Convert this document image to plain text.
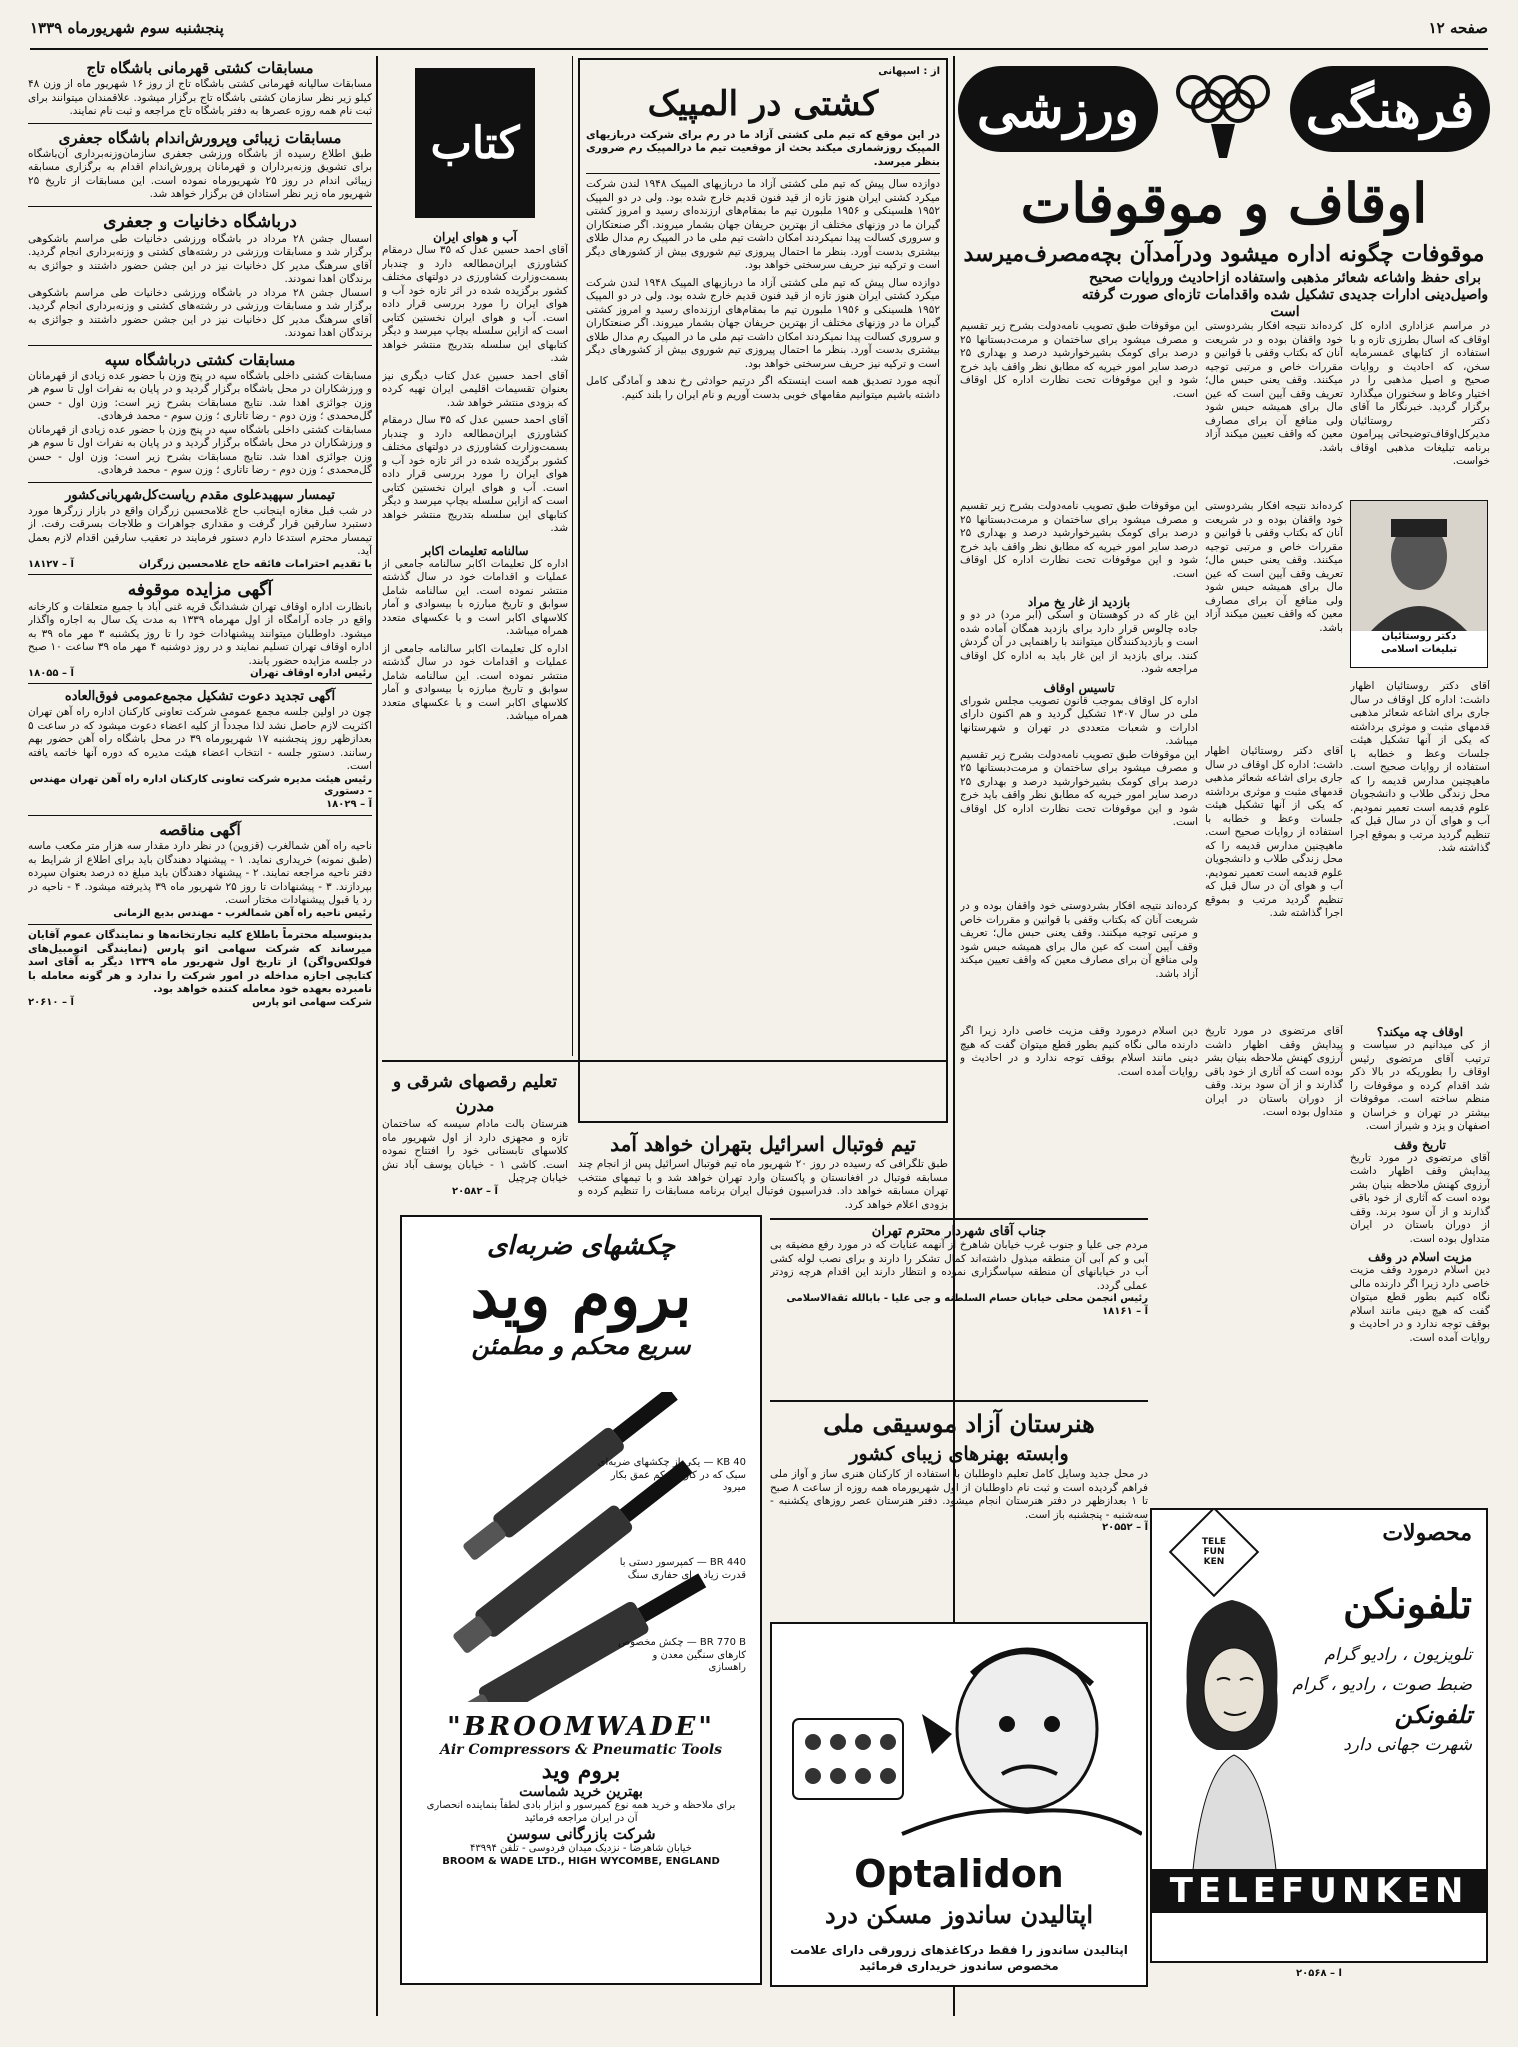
صفحه ۱۲
پنجشنبه سوم شهریورماه ۱۳۳۹
فرهنگی
ورزشی
اوقاف و موقوفات
موقوفات چگونه اداره میشود ودرآمدآن بچه‌مصرف‌میرسد
برای حفظ واشاعه شعائر مذهبی واستفاده ازاحادیث وروایات صحیح واصیل‌دینی ادارات جدیدی تشکیل شده واقدامات تازه‌ای صورت گرفته است
در مراسم عزاداری اداره کل اوقاف که اسال بطرزی تازه و با استفاده از کتابهای غمسرمایه سخن، که احادیث و روایات صحیح و اصیل مذهبی را در اختیار وعاظ و سخنوران میگذارد برگزار گردید. خبرنگار ما آقای دکتر روستائیان مدیرکل‌اوقاف‌توضیحاتی پیرامون برنامه تبلیغات مذهبی اوقاف خواست.
کرده‌اند نتیجه افکار بشردوستی خود واقفان بوده و در شریعت آنان که بکتاب وقفی با قوانین و مقررات خاص و مرتبی توجیه میکنند. وقف یعنی حبس مال؛ تعریف وقف آیین است که عین مال برای همیشه حبس شود ولی منافع آن برای مصارف معین که واقف تعیین میکند آزاد باشد.
این موقوفات طبق تصویب نامه‌دولت بشرح زیر تقسیم و مصرف میشود برای ساختمان و مرمت‌دبستانها ۲۵ درصد برای کومک بشیرخوارشید درصد و بهداری ۲۵ درصد سایر امور خیریه که مطابق نظر واقف باید خرج شود و این موقوفات تحت نظارت اداره کل اوقاف است.
دکتر روستائیان
تبلیغات اسلامی
کرده‌اند نتیجه افکار بشردوستی خود واقفان بوده و در شریعت آنان که بکتاب وقفی با قوانین و مقررات خاص و مرتبی توجیه میکنند. وقف یعنی حبس مال؛ تعریف وقف آیین است که عین مال برای همیشه حبس شود ولی منافع آن برای مصارف معین که واقف تعیین میکند آزاد باشد.
این موقوفات طبق تصویب نامه‌دولت بشرح زیر تقسیم و مصرف میشود برای ساختمان و مرمت‌دبستانها ۲۵ درصد برای کومک بشیرخوارشید درصد و بهداری ۲۵ درصد سایر امور خیریه که مطابق نظر واقف باید خرج شود و این موقوفات تحت نظارت اداره کل اوقاف است.
بازدید از غار یخ مراد
این غار که در کوهستان و اسکی (ابر مرد) در دو و جاده چالوس قرار دارد برای بازدید همگان آماده شده است و بازدیدکنندگان میتوانند با راهنمایی در آن گردش کنند. برای بازدید از این غار باید به اداره کل اوقاف مراجعه شود.
تاسیس اوقاف
اداره کل اوقاف بموجب قانون تصویب مجلس شورای ملی در سال ۱۳۰۷ تشکیل گردید و هم اکنون دارای ادارات و شعبات متعددی در تهران و شهرستانها میباشد.
این موقوفات طبق تصویب نامه‌دولت بشرح زیر تقسیم و مصرف میشود برای ساختمان و مرمت‌دبستانها ۲۵ درصد برای کومک بشیرخوارشید درصد و بهداری ۲۵ درصد سایر امور خیریه که مطابق نظر واقف باید خرج شود و این موقوفات تحت نظارت اداره کل اوقاف است.
آقای دکتر روستائیان اظهار داشت: اداره کل اوقاف در سال جاری برای اشاعه شعائر مذهبی قدمهای مثبت و موثری برداشته که یکی از آنها تشکیل هیئت جلسات وعظ و خطابه با استفاده از روایات صحیح است. ماهیچنین مدارس قدیمه را که محل زندگی طلاب و دانشجویان علوم قدیمه است تعمیر نمودیم. آب و هوای آن در سال قبل که تنظیم گردید مرتب و بموقع اجرا گذاشته شد.
آقای دکتر روستائیان اظهار داشت: اداره کل اوقاف در سال جاری برای اشاعه شعائر مذهبی قدمهای مثبت و موثری برداشته که یکی از آنها تشکیل هیئت جلسات وعظ و خطابه با استفاده از روایات صحیح است. ماهیچنین مدارس قدیمه را که محل زندگی طلاب و دانشجویان علوم قدیمه است تعمیر نمودیم. آب و هوای آن در سال قبل که تنظیم گردید مرتب و بموقع اجرا گذاشته شد.
کرده‌اند نتیجه افکار بشردوستی خود واقفان بوده و در شریعت آنان که بکتاب وقفی با قوانین و مقررات خاص و مرتبی توجیه میکنند. وقف یعنی حبس مال؛ تعریف وقف آیین است که عین مال برای همیشه حبس شود ولی منافع آن برای مصارف معین که واقف تعیین میکند آزاد باشد.
اوقاف چه میکند؟
از کی میدانیم در سیاست و ترتیب آقای مرتضوی رئیس اوقاف را بطوریکه در بالا ذکر شد اقدام کرده و موقوفات را منظم ساخته است. موقوفات بیشتر در تهران و خراسان و اصفهان و یزد و شیراز است.
تاریخ وقف
آقای مرتضوی در مورد تاریخ پیدایش وقف اظهار داشت آرزوی کهنش ملاحظه بنیان بشر بوده است که آثاری از خود باقی گذارند و از آن سود برند. وقف از دوران باستان در ایران متداول بوده است.
مزیت اسلام در وقف
دین اسلام درمورد وقف مزیت خاصی دارد زیرا اگر دارنده مالی نگاه کنیم بطور قطع میتوان گفت که هیچ دینی مانند اسلام بوقف توجه ندارد و در احادیث و روایات آمده است.
آقای مرتضوی در مورد تاریخ پیدایش وقف اظهار داشت آرزوی کهنش ملاحظه بنیان بشر بوده است که آثاری از خود باقی گذارند و از آن سود برند. وقف از دوران باستان در ایران متداول بوده است.
دین اسلام درمورد وقف مزیت خاصی دارد زیرا اگر دارنده مالی نگاه کنیم بطور قطع میتوان گفت که هیچ دینی مانند اسلام بوقف توجه ندارد و در احادیث و روایات آمده است.
محصولات
TELE FUN KEN
تلفونکن
تلویزیون ، رادیو گرام
ضبط صوت ، رادیو ، گرام
تلفونکن
شهرت جهانی دارد
TELEFUNKEN
آ – ۲۰۵۶۸
از : اسپهانی
کشتی در المپیک
در این موقع که تیم ملی کشتی آزاد ما در رم برای شرکت دربازیهای المپیک روزشماری میکند بحث از موقعیت تیم ما درالمپیک رم ضروری بنظر میرسد.
دوازده سال پیش که تیم ملی کشتی آزاد ما دربازیهای المپیک ۱۹۴۸ لندن شرکت میکرد کشتی ایران هنوز تازه از قید فنون قدیم خارج شده بود. ولی در دو المپیک ۱۹۵۲ هلسینکی و ۱۹۵۶ ملبورن تیم ما بمقام‌های ارزنده‌ای رسید و امروز کشتی گیران ما در وزنهای مختلف از بهترین حریفان جهان بشمار میروند. اگر صنعتکاران و سروری کسالت پیدا نمیکردند امکان داشت تیم ملی ما در المپیک رم مدال طلای بیشتری بدست آورد. بنظر ما احتمال پیروزی تیم شوروی بیش از کشورهای دیگر است و ترکیه نیز حریف سرسختی خواهد بود.
دوازده سال پیش که تیم ملی کشتی آزاد ما دربازیهای المپیک ۱۹۴۸ لندن شرکت میکرد کشتی ایران هنوز تازه از قید فنون قدیم خارج شده بود. ولی در دو المپیک ۱۹۵۲ هلسینکی و ۱۹۵۶ ملبورن تیم ما بمقام‌های ارزنده‌ای رسید و امروز کشتی گیران ما در وزنهای مختلف از بهترین حریفان جهان بشمار میروند. اگر صنعتکاران و سروری کسالت پیدا نمیکردند امکان داشت تیم ملی ما در المپیک رم مدال طلای بیشتری بدست آورد. بنظر ما احتمال پیروزی تیم شوروی بیش از کشورهای دیگر است و ترکیه نیز حریف سرسختی خواهد بود.
آنچه مورد تصدیق همه است اینستکه اگر درتیم حوادثی رخ ندهد و آمادگی کامل داشته باشیم میتوانیم مقامهای خوبی بدست آوریم و نام ایران را بلند کنیم.
کتاب
آب و هوای ایران
آقای احمد حسین عدل که ۳۵ سال درمقام کشاورزی ایران‌مطالعه دارد و چندبار بسمت‌وزارت کشاورزی در دولتهای مختلف کشور برگزیده شده در اثر تازه خود آب و هوای ایران را مورد بررسی قرار داده است. آب و هوای ایران نخستین کتابی است که ازاین سلسله بچاپ میرسد و دیگر کتابهای این سلسله بتدریج منتشر خواهد شد.
آقای احمد حسین عدل کتاب دیگری نیز بعنوان تقسیمات اقلیمی ایران تهیه کرده که بزودی منتشر خواهد شد.
آقای احمد حسین عدل که ۳۵ سال درمقام کشاورزی ایران‌مطالعه دارد و چندبار بسمت‌وزارت کشاورزی در دولتهای مختلف کشور برگزیده شده در اثر تازه خود آب و هوای ایران را مورد بررسی قرار داده است. آب و هوای ایران نخستین کتابی است که ازاین سلسله بچاپ میرسد و دیگر کتابهای این سلسله بتدریج منتشر خواهد شد.
سالنامه تعلیمات اکابر
اداره کل تعلیمات اکابر سالنامه جامعی از عملیات و اقدامات خود در سال گذشته منتشر نموده است. این سالنامه شامل سوابق و تاریخ مبارزه با بیسوادی و آمار کلاسهای اکابر است و با عکسهای متعدد همراه میباشد.
اداره کل تعلیمات اکابر سالنامه جامعی از عملیات و اقدامات خود در سال گذشته منتشر نموده است. این سالنامه شامل سوابق و تاریخ مبارزه با بیسوادی و آمار کلاسهای اکابر است و با عکسهای متعدد همراه میباشد.
تیم فوتبال اسرائیل بتهران خواهد آمد
طبق تلگرافی که رسیده در روز ۲۰ شهریور ماه تیم فوتبال اسرائیل پس از انجام چند مسابقه فوتبال در افغانستان و پاکستان وارد تهران خواهد شد و با تیمهای منتخب تهران مسابقه خواهد داد. فدراسیون فوتبال ایران برنامه مسابقات را تنظیم کرده و بزودی اعلام خواهد کرد.
تعلیم رقصهای شرقی و مدرن
هنرستان بالت مادام سیسه که ساختمان تازه و مجهزی دارد از اول شهریور ماه کلاسهای تابستانی خود را افتتاح نموده است. کاشی ۱ - خیابان یوسف آباد نش خیابان چرچیل
آ – ۲۰۵۸۲
چکشهای ضربه‌ای
بروم وید
سریع محکم و مطمئن
KB 40 — یکی از چکشهای ضربه‌ای سبک که در کارهای کم عمق بکار میرود
BR 440 — کمپرسور دستی با قدرت زیاد برای حفاری سنگ
BR 770 B — چکش مخصوص کارهای سنگین معدن و راهسازی
"BROOMWADE"
Air Compressors & Pneumatic Tools
بروم وید
بهترین خرید شماست
برای ملاحظه و خرید همه نوع کمپرسور و ابزار بادی لطفاً بنماینده انحصاری آن در ایران مراجعه فرمائید
شرکت بازرگانی سوسن
خیابان شاهرضا - نزدیک میدان فردوسی - تلفن ۴۳۹۹۴
BROOM & WADE LTD., HIGH WYCOMBE, ENGLAND
جناب آقای شهردار محترم تهران
مردم جی علیا و جنوب غرب خیابان شاهرخ از آنهمه عنایات که در مورد رفع مضیقه بی آبی و کم آبی آن منطقه مبذول داشته‌اند کمال تشکر را دارند و برای نصب لوله کشی آب در خیابانهای آن منطقه سپاسگزاری نموده و انتظار دارند این اقدام هرچه زودتر عملی گردد.
رئیس انجمن محلی خیابان حسام السلطنه و جی علیا - بابالله ثقة‌الاسلامی
آ – ۱۸۱۶۱
هنرستان آزاد موسیقی ملی
وابسته بهنرهای زیبای کشور
در محل جدید وسایل کامل تعلیم داوطلبان با استفاده از کارکنان هنری ساز و آواز ملی فراهم گردیده است و ثبت نام داوطلبان از اول شهریورماه همه روزه از ساعت ۸ صبح تا ۱ بعدازظهر در دفتر هنرستان انجام میشود. دفتر هنرستان عصر روزهای یکشنبه - سه‌شنبه - پنجشنبه باز است.
آ – ۲۰۵۵۲
Optalidon
اپتالیدن ساندوز
مسکن درد
اپتالیدن ساندوز را فقط درکاغذهای زرورقی دارای علامت مخصوص ساندوز خریداری فرمائید
مسابقات کشتی قهرمانی باشگاه تاج
مسابقات سالیانه قهرمانی کشتی باشگاه تاج از روز ۱۶ شهریور ماه از وزن ۴۸ کیلو زیر نظر سازمان کشتی باشگاه تاج برگزار میشود. علاقمندان میتوانند برای ثبت نام همه روزه عصرها به دفتر باشگاه تاج مراجعه و ثبت نام نمایند.
مسابقات زیبائی وپرورش‌اندام باشگاه جعفری
طبق اطلاع رسیده از باشگاه ورزشی جعفری سازمان‌وزنه‌برداری آن‌باشگاه برای تشویق وزنه‌برداران و قهرمانان پرورش‌اندام اقدام به برگزاری مسابقه زیبائی اندام در روز ۲۵ شهریورماه نموده است. این مسابقات از تاریخ ۲۵ شهریور ماه زیر نظر استادان فن برگزار خواهد شد.
درباشگاه دخانیات و جعفری
اسسال جشن ۲۸ مرداد در باشگاه ورزشی دخانیات طی‌ مراسم باشکوهی برگزار شد و مسابقات ورزشی در رشته‌های کشتی و وزنه‌برداری انجام گردید. آقای سرهنگ مدیر کل دخانیات نیز در این جشن حضور داشتند و جوائزی به برندگان اهدا نمودند.
اسسال جشن ۲۸ مرداد در باشگاه ورزشی دخانیات طی‌ مراسم باشکوهی برگزار شد و مسابقات ورزشی در رشته‌های کشتی و وزنه‌برداری انجام گردید. آقای سرهنگ مدیر کل دخانیات نیز در این جشن حضور داشتند و جوائزی به برندگان اهدا نمودند.
مسابقات کشتی درباشگاه سپه
مسابقات کشتی داخلی باشگاه سپه در پنج وزن با حضور عده زیادی از قهرمانان و ورزشکاران در محل باشگاه برگزار گردید و در پایان به نفرات اول تا سوم هر وزن جوائزی اهدا شد. نتایج مسابقات بشرح زیر است: وزن اول - حسن گل‌محمدی ؛ وزن دوم - رضا تاتاری ؛ وزن سوم - محمد فرهادی.
مسابقات کشتی داخلی باشگاه سپه در پنج وزن با حضور عده زیادی از قهرمانان و ورزشکاران در محل باشگاه برگزار گردید و در پایان به نفرات اول تا سوم هر وزن جوائزی اهدا شد. نتایج مسابقات بشرح زیر است: وزن اول - حسن گل‌محمدی ؛ وزن دوم - رضا تاتاری ؛ وزن سوم - محمد فرهادی.
تیمسار سپهبدعلوی مقدم ریاست‌کل‌شهربانی‌کشور
در شب قبل مغازه اینجانب حاج غلامحسین زرگران واقع در بازار زرگرها مورد دستبرد سارقین قرار گرفت و مقداری جواهرات و طلاجات بسرقت رفت. از تیمسار محترم استدعا دارم دستور فرمایند در تعقیب سارقین اقدام لازم بعمل آید.
با تقدیم احترامات فائقه حاج غلامحسین زرگران
آ – ۱۸۱۲۷
آگهی مزایده موقوفه
بانظارت اداره اوقاف تهران ششدانگ قریه غنی آباد با جمیع متعلقات و کارخانه واقع در جاده آرامگاه از اول مهرماه ۱۳۳۹ به مدت یک سال به اجاره واگذار میشود. داوطلبان میتوانند پیشنهادات خود را تا روز یکشنبه ۳ مهر ماه ۳۹ به اداره اوقاف تهران تسلیم نمایند و در روز دوشنبه ۴ مهر ماه ۳۹ ساعت ۱۰ صبح در جلسه مزایده حضور یابند.
رئیس اداره اوقاف تهران
آ – ۱۸۰۵۵
آگهی تجدید دعوت تشکیل مجمع‌عمومی فوق‌العاده
چون در اولین جلسه مجمع عمومی شرکت تعاونی کارکنان اداره راه آهن تهران اکثریت لازم حاصل نشد لذا مجدداً از کلیه اعضاء دعوت میشود که در ساعت ۵ بعدازظهر روز پنجشنبه ۱۷ شهریورماه ۳۹ در محل باشگاه راه آهن حضور بهم رسانند. دستور جلسه - انتخاب اعضاء هیئت مدیره که دوره آنها خاتمه یافته است.
رئیس هیئت مدیره شرکت تعاونی کارکنان اداره راه آهن تهران مهندس - دستوری
آ – ۱۸۰۲۹
آگهی مناقصه
ناحیه راه آهن شمالغرب (قزوین) در نظر دارد مقدار سه هزار متر مکعب ماسه (طبق نمونه) خریداری نماید. ۱ - پیشنهاد دهندگان باید برای اطلاع از شرایط به دفتر ناحیه مراجعه نمایند. ۲ - پیشنهاد دهندگان باید مبلغ ده درصد بعنوان سپرده بپردازند. ۳ - پیشنهادات تا روز ۲۵ شهریور ماه ۳۹ پذیرفته میشود. ۴ - ناحیه در رد یا قبول پیشنهادات مختار است.
رئیس ناحیه راه آهن شمالغرب - مهندس بدیع الزمانی
بدینوسیله محترماً باطلاع کلیه تجارتخانه‌ها و نمایندگان عموم آقایان میرساند که شرکت سهامی اتو پارس (نمایندگی اتومبیل‌های فولکس‌واگن) از تاریخ اول شهریور ماه ۱۳۳۹ دیگر به آقای اسد کتابچی اجازه مداخله در امور شرکت را ندارد و هر گونه معامله با نامبرده بعهده خود معامله کننده خواهد بود.
شرکت سهامی اتو پارس
آ – ۲۰۶۱۰
